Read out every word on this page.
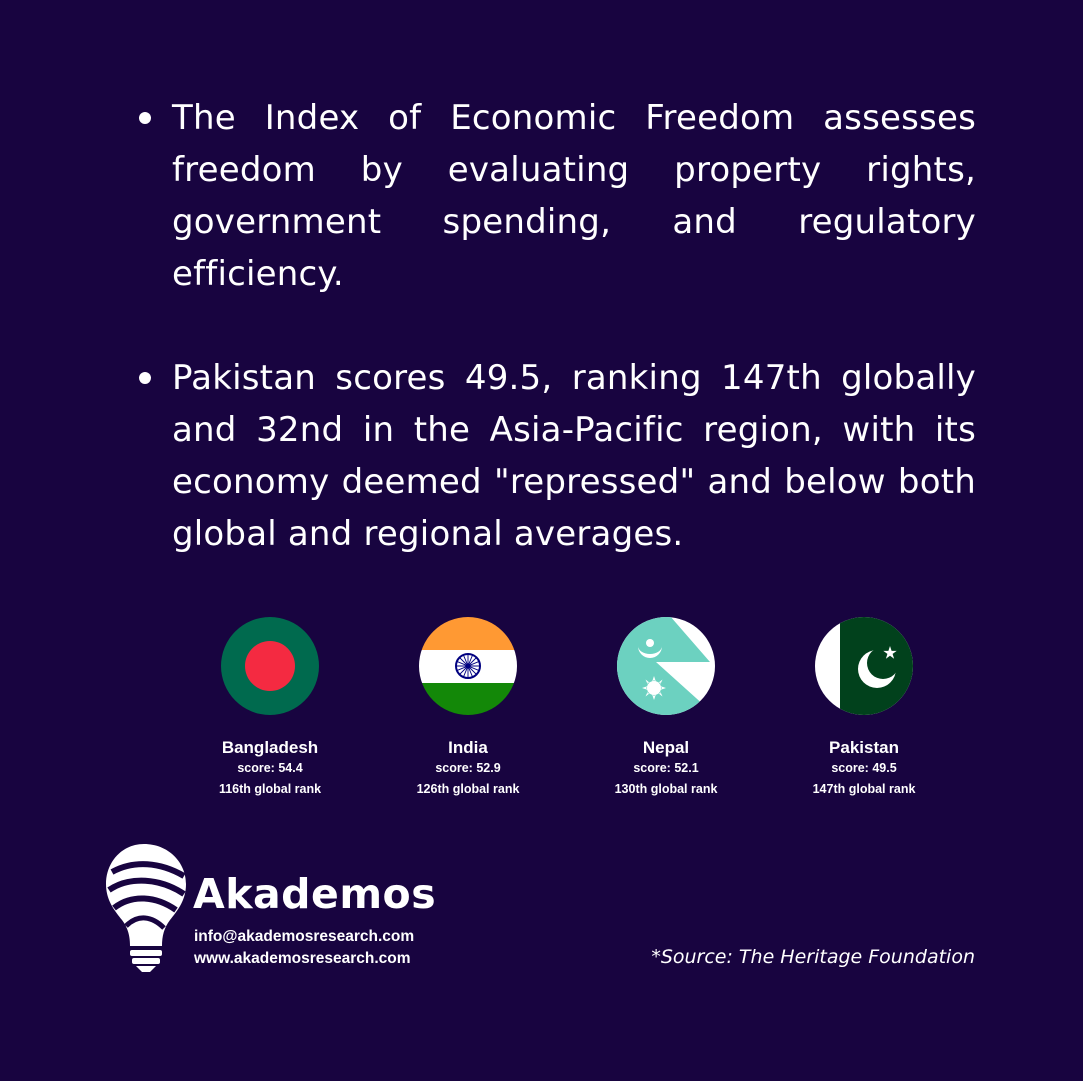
The Index of Economic Freedom assesses freedom by evaluating property rights, government spending, and regulatory efficiency.
Pakistan scores 49.5, ranking 147th globally and 32nd in the Asia-Pacific region, with its economy deemed "repressed" and below both global and regional averages.
Bangladesh
score: 54.4
116th global rank
India
score: 52.9
126th global rank
Nepal
score: 52.1
130th global rank
Pakistan
score: 49.5
147th global rank
Akademos
info@akademosresearch.com
www.akademosresearch.com	*Source: The Heritage Foundation
